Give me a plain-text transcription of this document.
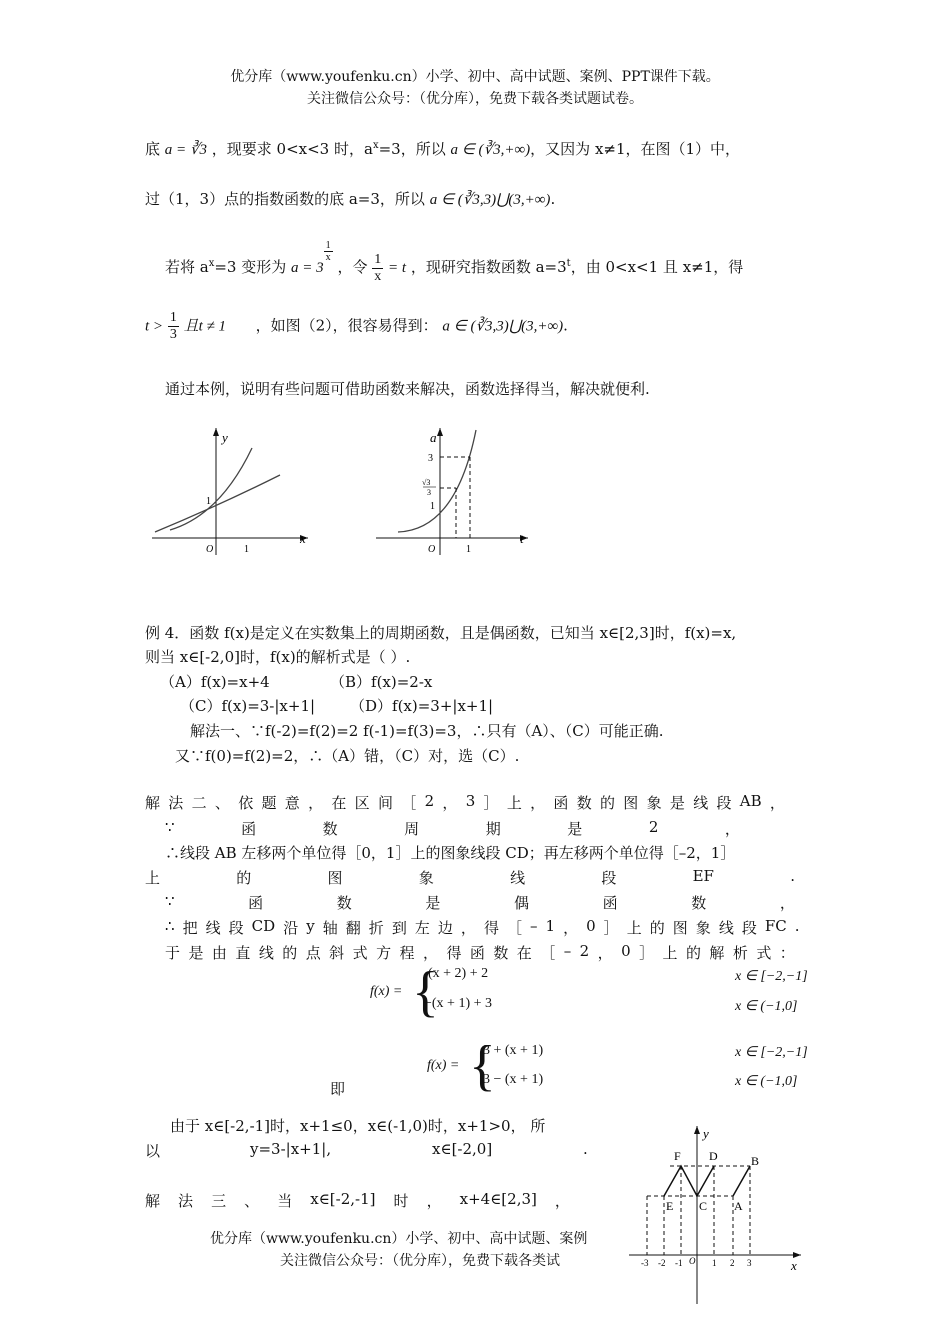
优分库（www.youfenku.cn）小学、初中、高中试题、案例、PPT课件下载。
关注微信公众号：（优分库），免费下载各类试题试卷。
底 a = ∛3 ，现要求 0<x<3 时，$a^x=3$，所以 a ∈ (∛3,+∞)，又因为 x≠1，在图（1）中，
过（1，3）点的指数函数的底 a=3，所以 a ∈ (∛3,3)⋃(3,+∞).
若将 $a^x=3$ 变形为 a = 3
$\frac{1}{x}$
，令 $\frac{1}{x} = t$ ，现研究指数函数 $a=3^t$，由 0<x<1 且 x≠1，得
$t > \frac{1}{3}$ 且t ≠ 1 ，如图（2），很容易得到： a ∈ (∛3,3)⋃(3,+∞).
通过本例，说明有些问题可借助函数来解决，函数选择得当，解决就便利.
y
x
O
1
1
a
t
O
3
√3
3
1
1
例 4．函数 f(x)是定义在实数集上的周期函数，且是偶函数，已知当 x∈[2,3]时，f(x)=x,
则当 x∈[-2,0]时，f(x)的解析式是（ ）.
（A）f(x)=x+4	（B）f(x)=2-x
（C）f(x)=3-|x+1| （D）f(x)=3+|x+1|
解法一、∵f(-2)=f(2)=2 f(-1)=f(3)=3，∴只有（A）、（C）可能正确.
又∵f(0)=f(2)=2，∴（A）错，（C）对，选（C）.
解 法 二 、 依 题 意 ， 在 区 间 ［ 2 ， 3 ］ 上 ， 函 数 的 图 象 是 线 段 AB ，
∵	函	数	周	期	是	2	，
∴线段 AB 左移两个单位得［0，1］上的图象线段 CD；再左移两个单位得［–2，1］
上	的	图	象	线	段	EF	.
∵	函	数	是	偶	函	数	，
∴ 把 线 段 CD 沿 y 轴 翻 折 到 左 边 ， 得 ［ – 1 ， 0 ］ 上 的 图 象 线 段 FC .
于 是 由 直 线 的 点 斜 式 方 程 ， 得 函 数 在 ［ – 2 ， 0 ］ 上 的 解 析 式 ：
f(x) = {
(x + 2) + 2	x ∈ [−2,−1]
−(x + 1) + 3	x ∈ (−1,0]
f(x) = {
3 + (x + 1)	x ∈ [−2,−1]
3 − (x + 1)	x ∈ (−1,0]
即
由于 x∈[-2,-1]时，x+1≤0，x∈(-1,0)时，x+1>0， 所
以	y=3-|x+1|,	x∈[-2,0]	.
解 法 三 、 当 x∈[-2,-1] 时 ， x+4∈[2,3] ，
优分库（www.youfenku.cn）小学、初中、高中试题、案例
关注微信公众号：（优分库），免费下载各类试
y
x
O
F D	B
E C A
-3 -2 -1	1 2 3
